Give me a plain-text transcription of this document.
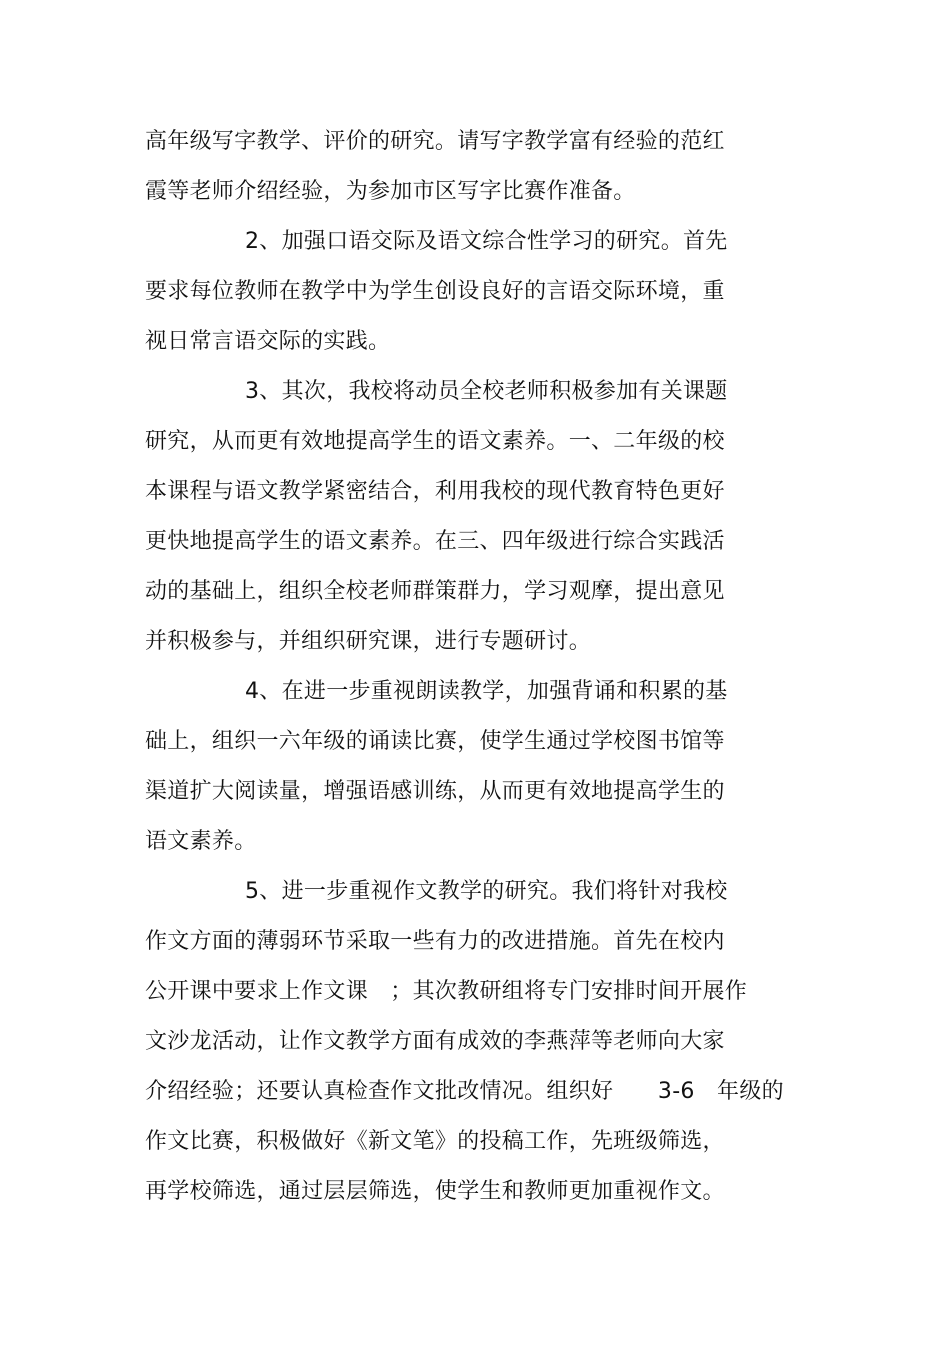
高年级写字教学、评价的研究。请写字教学富有经验的范红
霞等老师介绍经验，为参加市区写字比赛作准备。
2、加强口语交际及语文综合性学习的研究。首先
要求每位教师在教学中为学生创设良好的言语交际环境，重
视日常言语交际的实践。
3、其次，我校将动员全校老师积极参加有关课题
研究，从而更有效地提高学生的语文素养。一、二年级的校
本课程与语文教学紧密结合，利用我校的现代教育特色更好
更快地提高学生的语文素养。在三、四年级进行综合实践活
动的基础上，组织全校老师群策群力，学习观摩，提出意见
并积极参与，并组织研究课，进行专题研讨。
4、在进一步重视朗读教学，加强背诵和积累的基
础上，组织一六年级的诵读比赛，使学生通过学校图书馆等
渠道扩大阅读量，增强语感训练，从而更有效地提高学生的
语文素养。
5、进一步重视作文教学的研究。我们将针对我校
作文方面的薄弱环节采取一些有力的改进措施。首先在校内
公开课中要求上作文课　；其次教研组将专门安排时间开展作
文沙龙活动，让作文教学方面有成效的李燕萍等老师向大家
介绍经验；还要认真检查作文批改情况。组织好　　3-6　年级的
作文比赛，积极做好《新文笔》的投稿工作，先班级筛选，
再学校筛选，通过层层筛选，使学生和教师更加重视作文。
